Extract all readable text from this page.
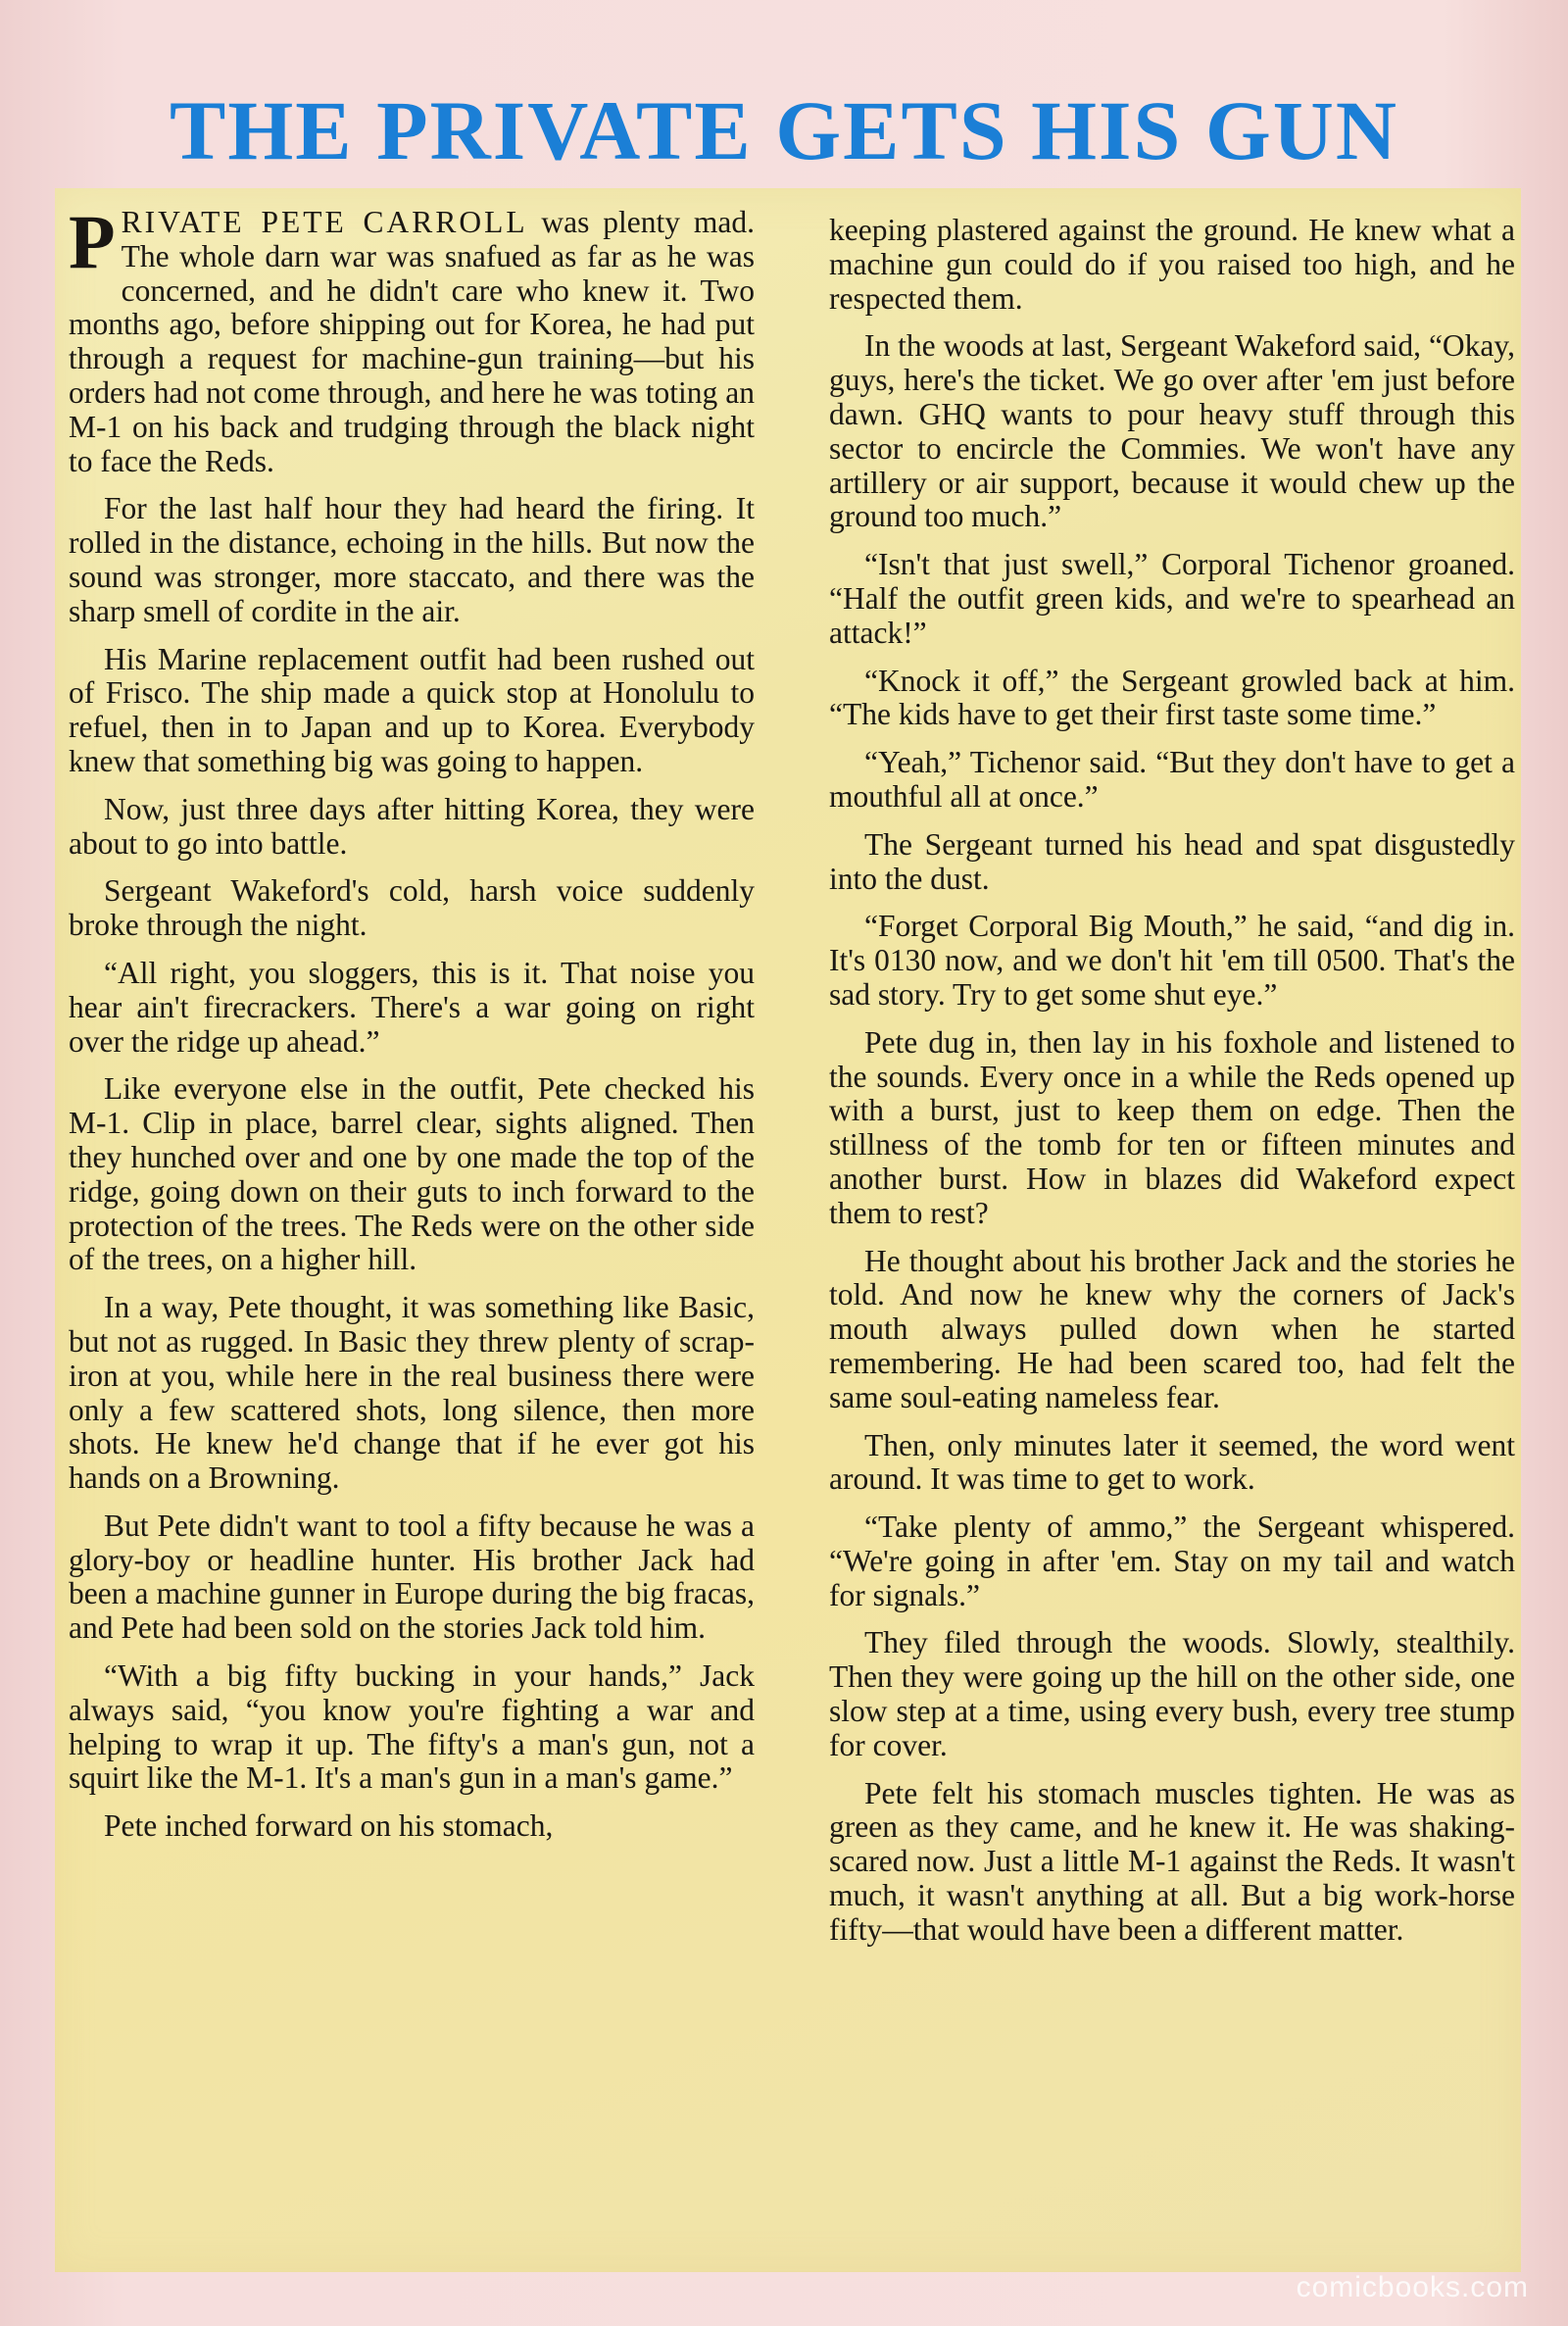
THE PRIVATE GETS HIS GUN

PRIVATE PETE CARROLL was plenty mad. The whole darn war was snafued as far as he was concerned, and he didn't care who knew it. Two months ago, before shipping out for Korea, he had put through a request for machine-gun training—but his orders had not come through, and here he was toting an M-1 on his back and trudging through the black night to face the Reds.

For the last half hour they had heard the firing. It rolled in the distance, echoing in the hills. But now the sound was stronger, more staccato, and there was the sharp smell of cordite in the air.

His Marine replacement outfit had been rushed out of Frisco. The ship made a quick stop at Honolulu to refuel, then in to Japan and up to Korea. Everybody knew that something big was going to happen.

Now, just three days after hitting Korea, they were about to go into battle.

Sergeant Wakeford's cold, harsh voice suddenly broke through the night.

“All right, you sloggers, this is it. That noise you hear ain't firecrackers. There's a war going on right over the ridge up ahead.”

Like everyone else in the outfit, Pete checked his M-1. Clip in place, barrel clear, sights aligned. Then they hunched over and one by one made the top of the ridge, going down on their guts to inch forward to the protection of the trees. The Reds were on the other side of the trees, on a higher hill.

In a way, Pete thought, it was something like Basic, but not as rugged. In Basic they threw plenty of scrap-iron at you, while here in the real business there were only a few scattered shots, long silence, then more shots. He knew he'd change that if he ever got his hands on a Browning.

But Pete didn't want to tool a fifty because he was a glory-boy or headline hunter. His brother Jack had been a machine gunner in Europe during the big fracas, and Pete had been sold on the stories Jack told him.

“With a big fifty bucking in your hands,” Jack always said, “you know you're fighting a war and helping to wrap it up. The fifty's a man's gun, not a squirt like the M-1. It's a man's gun in a man's game.”

Pete inched forward on his stomach,

keeping plastered against the ground. He knew what a machine gun could do if you raised too high, and he respected them.

In the woods at last, Sergeant Wakeford said, “Okay, guys, here's the ticket. We go over after 'em just before dawn. GHQ wants to pour heavy stuff through this sector to encircle the Commies. We won't have any artillery or air support, because it would chew up the ground too much.”

“Isn't that just swell,” Corporal Tichenor groaned. “Half the outfit green kids, and we're to spearhead an attack!”

“Knock it off,” the Sergeant growled back at him. “The kids have to get their first taste some time.”

“Yeah,” Tichenor said. “But they don't have to get a mouthful all at once.”

The Sergeant turned his head and spat disgustedly into the dust.

“Forget Corporal Big Mouth,” he said, “and dig in. It's 0130 now, and we don't hit 'em till 0500. That's the sad story. Try to get some shut eye.”

Pete dug in, then lay in his foxhole and listened to the sounds. Every once in a while the Reds opened up with a burst, just to keep them on edge. Then the stillness of the tomb for ten or fifteen minutes and another burst. How in blazes did Wakeford expect them to rest?

He thought about his brother Jack and the stories he told. And now he knew why the corners of Jack's mouth always pulled down when he started remembering. He had been scared too, had felt the same soul-eating nameless fear.

Then, only minutes later it seemed, the word went around. It was time to get to work.

“Take plenty of ammo,” the Sergeant whispered. “We're going in after 'em. Stay on my tail and watch for signals.”

They filed through the woods. Slowly, stealthily. Then they were going up the hill on the other side, one slow step at a time, using every bush, every tree stump for cover.

Pete felt his stomach muscles tighten. He was as green as they came, and he knew it. He was shaking-scared now. Just a little M-1 against the Reds. It wasn't much, it wasn't anything at all. But a big work-horse fifty—that would have been a different matter.

comicbooks.com
